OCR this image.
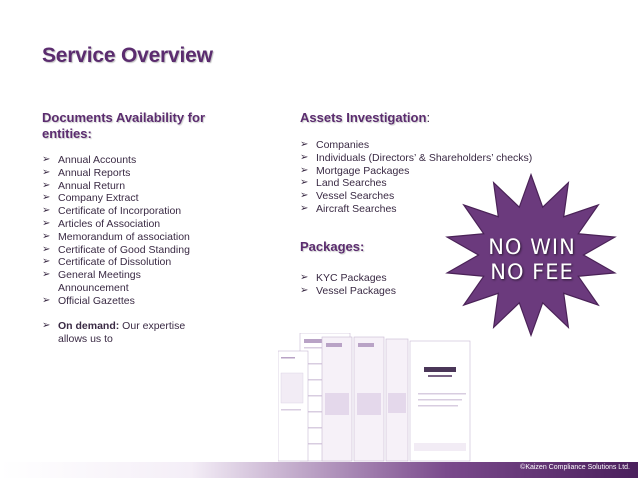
Service Overview
Documents Availability for entities:
➢ Annual Accounts
➢ Annual Reports
➢ Annual Return
➢ Company Extract
➢ Certificate of Incorporation
➢ Articles of Association
➢ Memorandum of association
➢ Certificate of Good Standing
➢ Certificate of Dissolution
➢ General Meetings Announcement
➢ Official Gazettes
➢ On demand: Our expertise allows us to
Assets Investigation:
➢ Companies
➢ Individuals (Directors’ & Shareholders’ checks)
➢ Mortgage Packages
➢ Land Searches
➢ Vessel Searches
➢ Aircraft Searches
Packages:
➢ KYC Packages
➢ Vessel Packages
NO WIN
NO FEE
©Kaizen Compliance Solutions Ltd.
